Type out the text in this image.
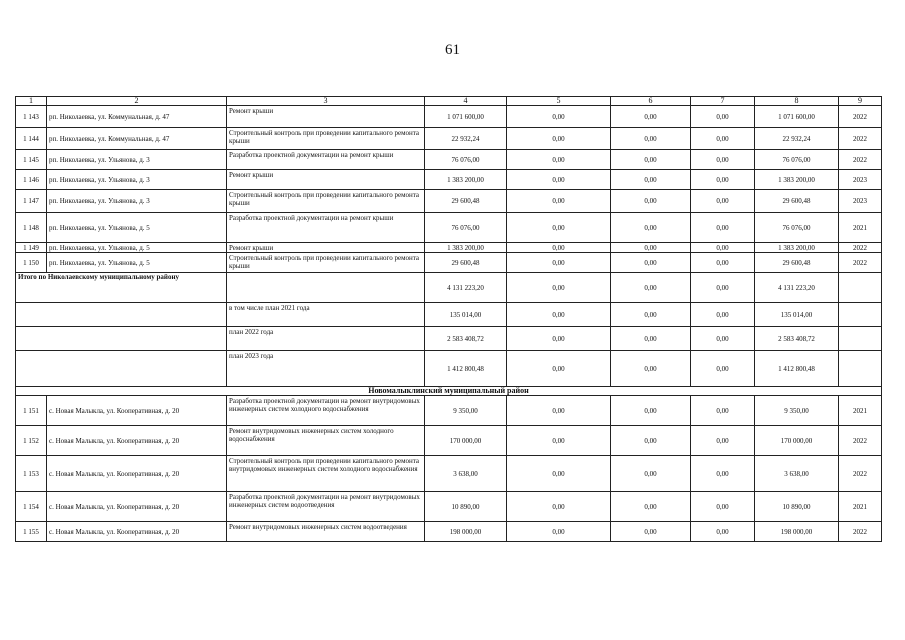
61
1	2	3	4	5	6	7	8	9
1 143	рп. Николаевка, ул. Коммунальная, д. 47	Ремонт крыши	1 071 600,00	0,00	0,00	0,00	1 071 600,00	2022
1 144	рп. Николаевка, ул. Коммунальная, д. 47	Строительный контроль при проведении капитального ремонта крыши	22 932,24	0,00	0,00	0,00	22 932,24	2022
1 145	рп. Николаевка, ул. Ульянова, д. 3	Разработка проектной документации на ремонт крыши	76 076,00	0,00	0,00	0,00	76 076,00	2022
1 146	рп. Николаевка, ул. Ульянова, д. 3	Ремонт крыши	1 383 200,00	0,00	0,00	0,00	1 383 200,00	2023
1 147	рп. Николаевка, ул. Ульянова, д. 3	Строительный контроль при проведении капитального ремонта крыши	29 600,48	0,00	0,00	0,00	29 600,48	2023
1 148	рп. Николаевка, ул. Ульянова, д. 5	Разработка проектной документации на ремонт крыши	76 076,00	0,00	0,00	0,00	76 076,00	2021
1 149	рп. Николаевка, ул. Ульянова, д. 5	Ремонт крыши	1 383 200,00	0,00	0,00	0,00	1 383 200,00	2022
1 150	рп. Николаевка, ул. Ульянова, д. 5	Строительный контроль при проведении капитального ремонта крыши	29 600,48	0,00	0,00	0,00	29 600,48	2022
Итого по Николаевскому муниципальному району			4 131 223,20	0,00	0,00	0,00	4 131 223,20	
		в том числе план 2021 года	135 014,00	0,00	0,00	0,00	135 014,00	
		план 2022 года	2 583 408,72	0,00	0,00	0,00	2 583 408,72	
		план 2023 года	1 412 800,48	0,00	0,00	0,00	1 412 800,48	
Новомалыклинский муниципальный район								
1 151	с. Новая Малыкла, ул. Кооперативная, д. 20	Разработка проектной документации на ремонт внутридомовых инженерных систем холодного водоснабжения	9 350,00	0,00	0,00	0,00	9 350,00	2021
1 152	с. Новая Малыкла, ул. Кооперативная, д. 20	Ремонт внутридомовых инженерных систем холодного водоснабжения	170 000,00	0,00	0,00	0,00	170 000,00	2022
1 153	с. Новая Малыкла, ул. Кооперативная, д. 20	Строительный контроль при проведении капитального ремонта внутридомовых инженерных систем холодного водоснабжения	3 638,00	0,00	0,00	0,00	3 638,00	2022
1 154	с. Новая Малыкла, ул. Кооперативная, д. 20	Разработка проектной документации на ремонт внутридомовых инженерных систем водоотведения	10 890,00	0,00	0,00	0,00	10 890,00	2021
1 155	с. Новая Малыкла, ул. Кооперативная, д. 20	Ремонт внутридомовых инженерных систем водоотведения	198 000,00	0,00	0,00	0,00	198 000,00	2022
